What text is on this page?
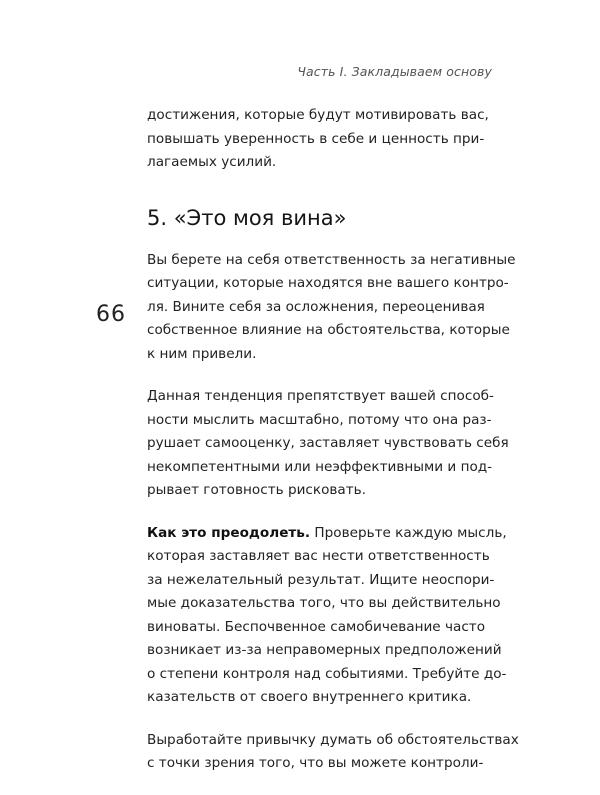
Часть I. Закладываем основу
66

достижения, которые будут мотивировать вас,
повышать уверенность в себе и ценность при-
лагаемых усилий.

5. «Это моя вина»

Вы берете на себя ответственность за негативные
ситуации, которые находятся вне вашего контро-
ля. Вините себя за осложнения, переоценивая
собственное влияние на обстоятельства, которые
к ним привели.

Данная тенденция препятствует вашей способ-
ности мыслить масштабно, потому что она раз-
рушает самооценку, заставляет чувствовать себя
некомпетентными или неэффективными и под-
рывает готовность рисковать.

Как это преодолеть. Проверьте каждую мысль,
которая заставляет вас нести ответственность
за нежелательный результат. Ищите неоспори-
мые доказательства того, что вы действительно
виноваты. Беспочвенное самобичевание часто
возникает из-за неправомерных предположений
о степени контроля над событиями. Требуйте до-
казательств от своего внутреннего критика.

Выработайте привычку думать об обстоятельствах
с точки зрения того, что вы можете контроли-
